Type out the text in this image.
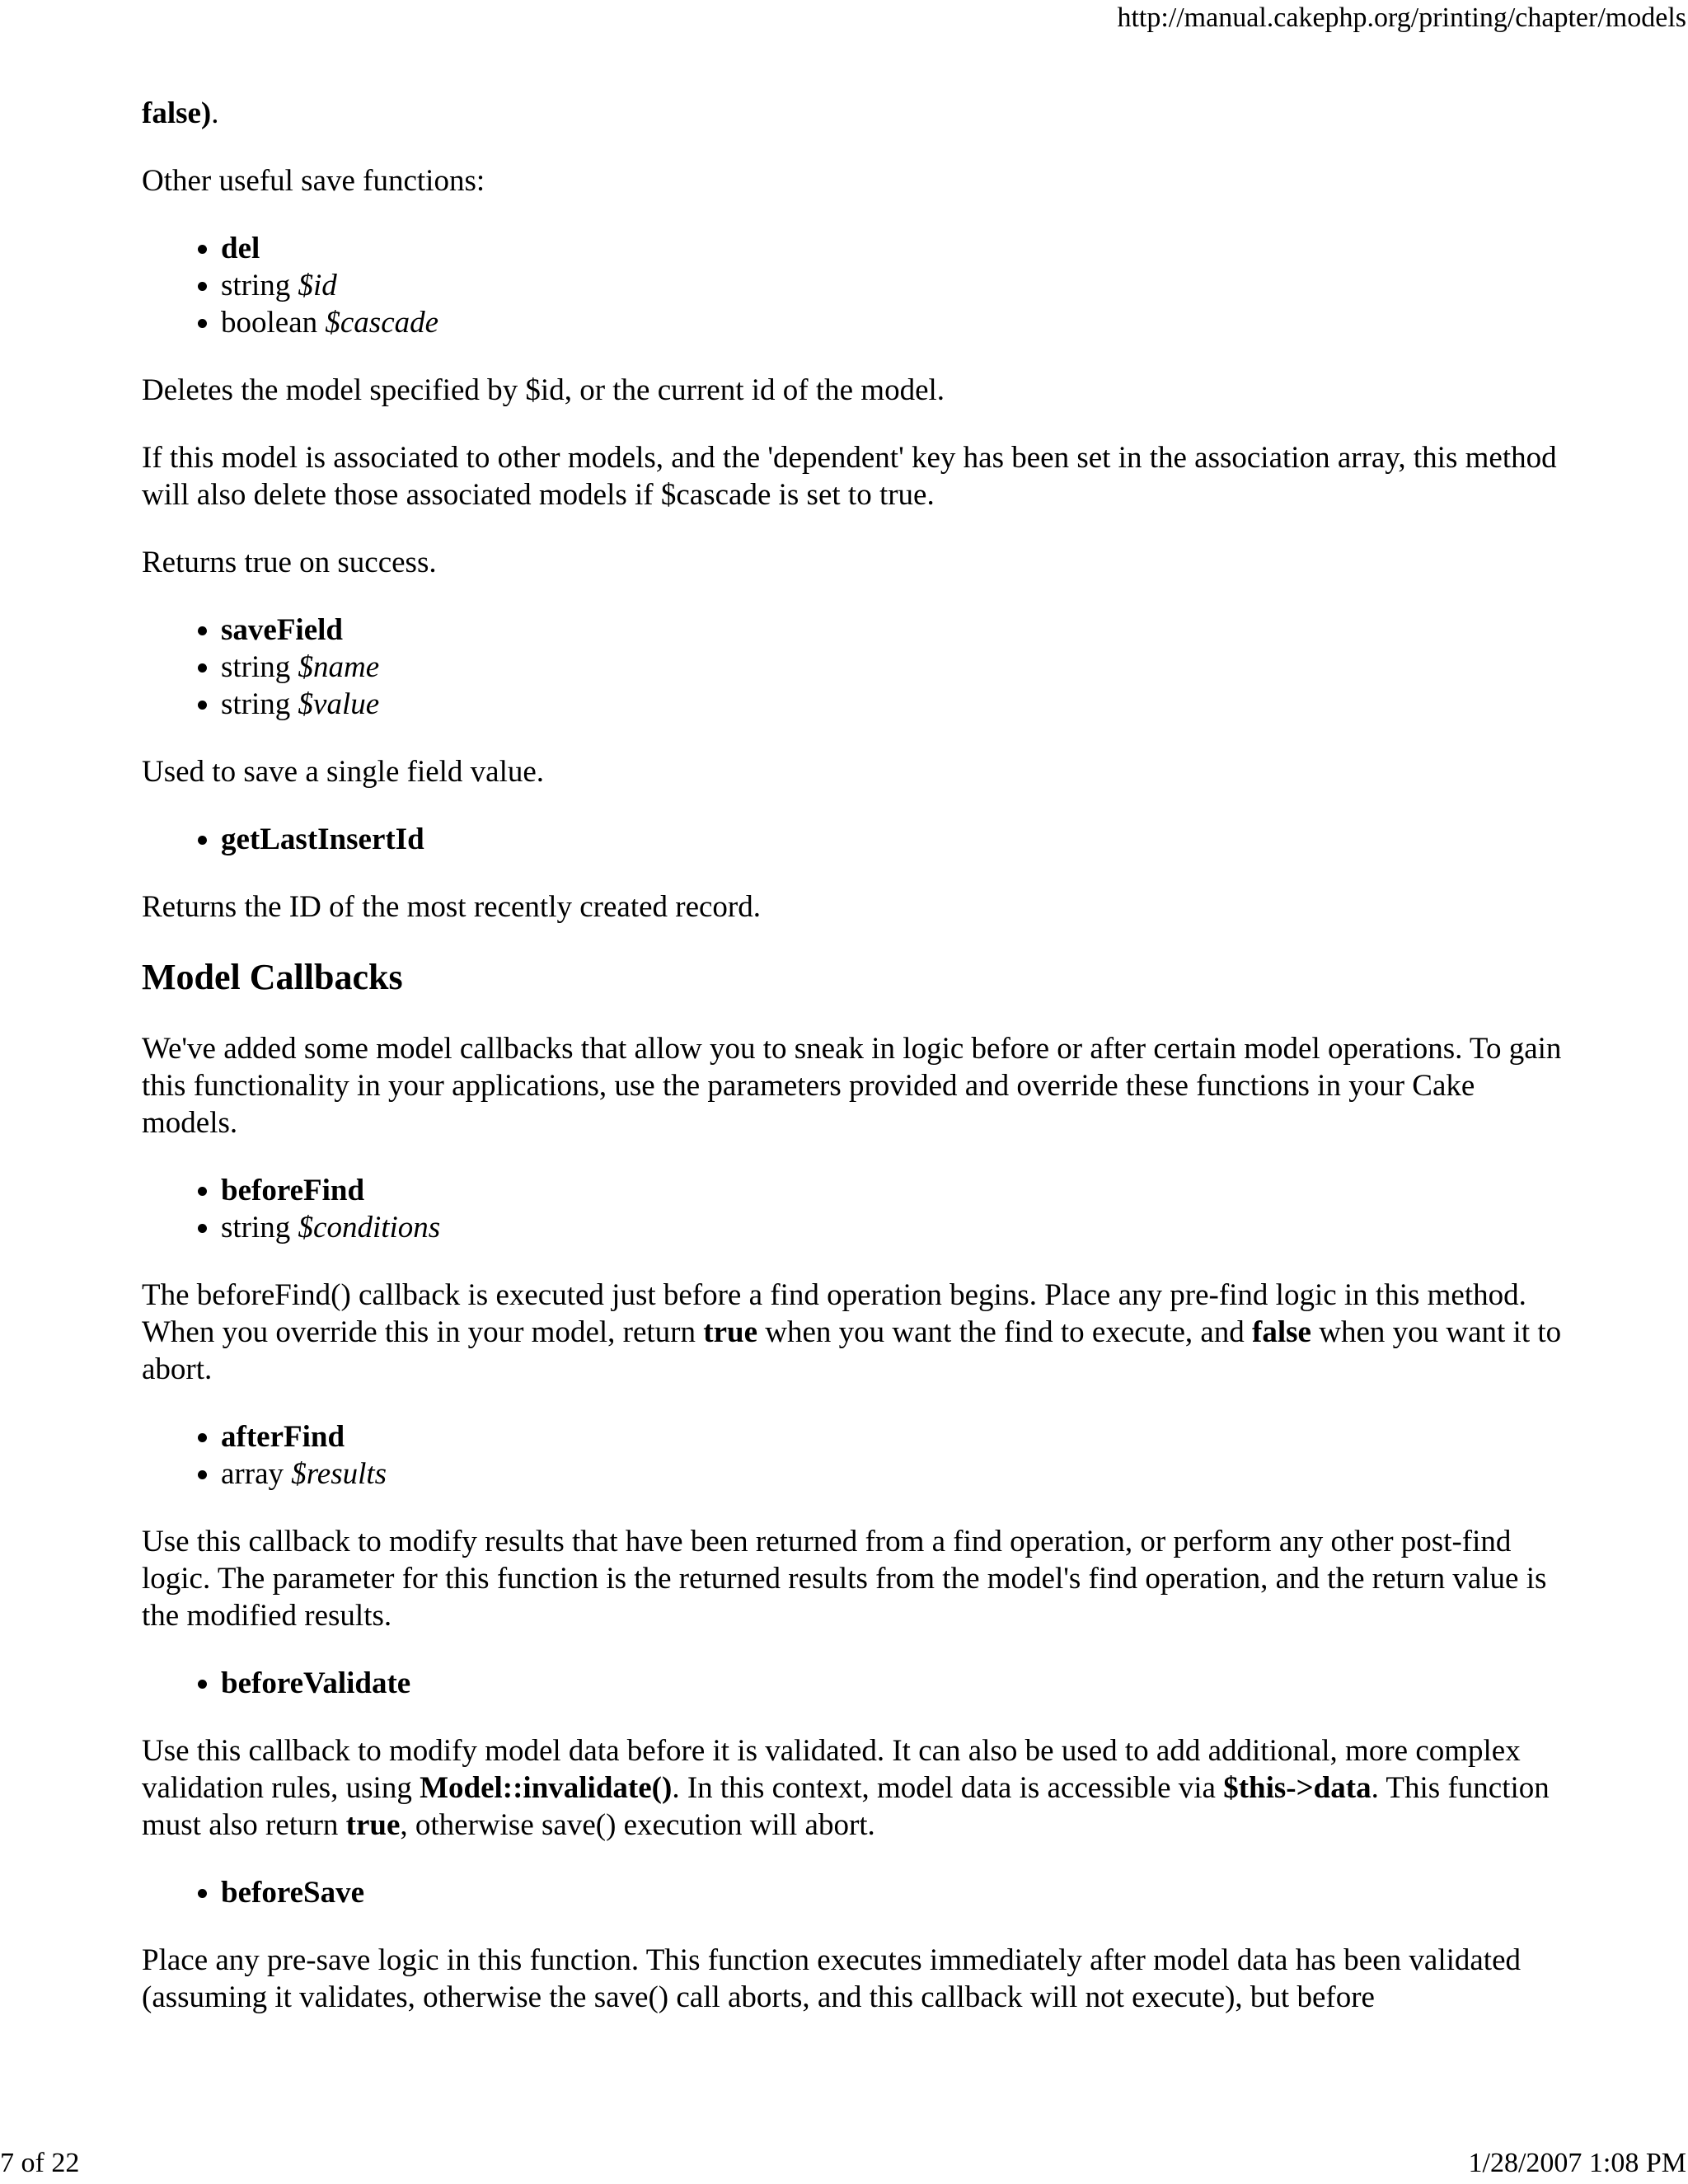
http://manual.cakephp.org/printing/chapter/models

false).

Other useful save functions:

• del
• string $id
• boolean $cascade

Deletes the model specified by $id, or the current id of the model.

If this model is associated to other models, and the 'dependent' key has been set in the association array, this method will also delete those associated models if $cascade is set to true.

Returns true on success.

• saveField
• string $name
• string $value

Used to save a single field value.

• getLastInsertId

Returns the ID of the most recently created record.

Model Callbacks

We've added some model callbacks that allow you to sneak in logic before or after certain model operations. To gain this functionality in your applications, use the parameters provided and override these functions in your Cake models.

• beforeFind
• string $conditions

The beforeFind() callback is executed just before a find operation begins. Place any pre-find logic in this method. When you override this in your model, return true when you want the find to execute, and false when you want it to abort.

• afterFind
• array $results

Use this callback to modify results that have been returned from a find operation, or perform any other post-find logic. The parameter for this function is the returned results from the model's find operation, and the return value is the modified results.

• beforeValidate

Use this callback to modify model data before it is validated. It can also be used to add additional, more complex validation rules, using Model::invalidate(). In this context, model data is accessible via $this->data. This function must also return true, otherwise save() execution will abort.

• beforeSave

Place any pre-save logic in this function. This function executes immediately after model data has been validated (assuming it validates, otherwise the save() call aborts, and this callback will not execute), but before

7 of 22	1/28/2007 1:08 PM
